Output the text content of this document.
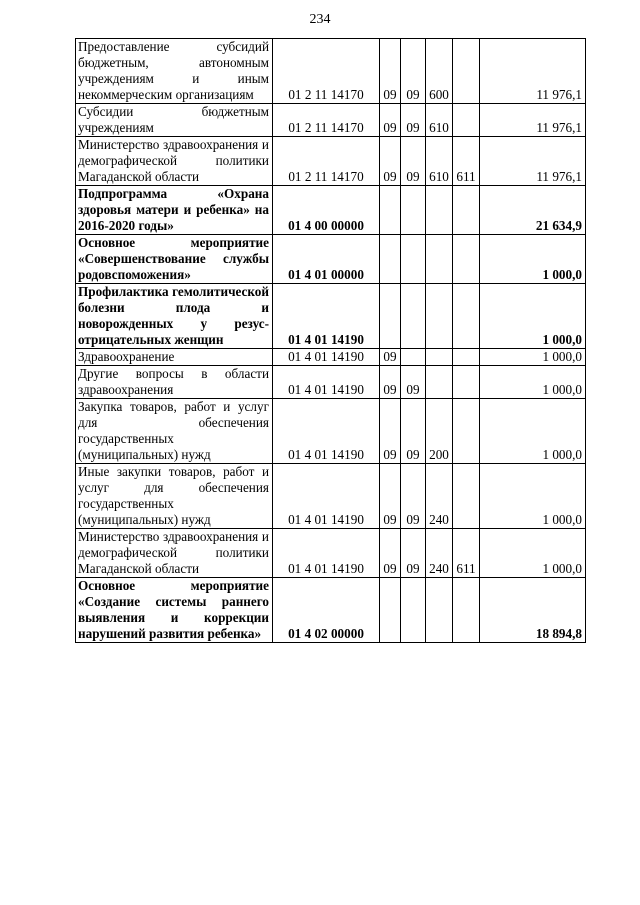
234
Предоставление субсидий бюджетным, автономным учреждениям и иным некоммерческим организациям	01 2 11 14170	09	09	600		11 976,1
Субсидии бюджетным учреждениям	01 2 11 14170	09	09	610		11 976,1
Министерство здравоохранения и демографической политики Магаданской области	01 2 11 14170	09	09	610	611	11 976,1
Подпрограмма «Охрана здоровья матери и ребенка» на 2016-2020 годы»	01 4 00 00000					21 634,9
Основное мероприятие «Совершенствование службы родовспоможения»	01 4 01 00000					1 000,0
Профилактика гемолитической болезни плода и новорожденных у резус-отрицательных женщин	01 4 01 14190					1 000,0
Здравоохранение	01 4 01 14190	09				1 000,0
Другие вопросы в области здравоохранения	01 4 01 14190	09	09			1 000,0
Закупка товаров, работ и услуг для обеспечения государственных (муниципальных) нужд	01 4 01 14190	09	09	200		1 000,0
Иные закупки товаров, работ и услуг для обеспечения государственных (муниципальных) нужд	01 4 01 14190	09	09	240		1 000,0
Министерство здравоохранения и демографической политики Магаданской области	01 4 01 14190	09	09	240	611	1 000,0
Основное мероприятие «Создание системы раннего выявления и коррекции нарушений развития ребенка»	01 4 02 00000					18 894,8
